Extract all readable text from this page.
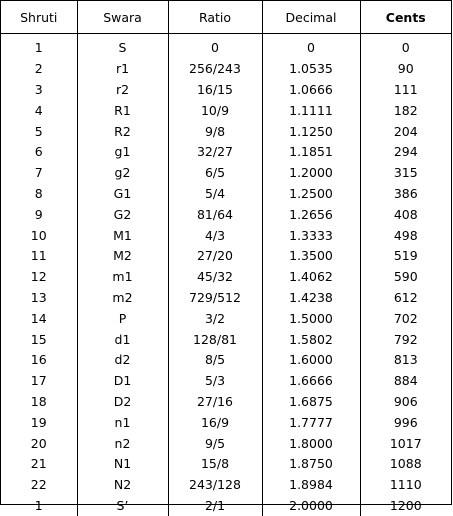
Shruti	Swara	Ratio	Decimal	Cents
1	S	0	0	0
2	r1	256/243	1.0535	90
3	r2	16/15	1.0666	111
4	R1	10/9	1.1111	182
5	R2	9/8	1.1250	204
6	g1	32/27	1.1851	294
7	g2	6/5	1.2000	315
8	G1	5/4	1.2500	386
9	G2	81/64	1.2656	408
10	M1	4/3	1.3333	498
11	M2	27/20	1.3500	519
12	m1	45/32	1.4062	590
13	m2	729/512	1.4238	612
14	P	3/2	1.5000	702
15	d1	128/81	1.5802	792
16	d2	8/5	1.6000	813
17	D1	5/3	1.6666	884
18	D2	27/16	1.6875	906
19	n1	16/9	1.7777	996
20	n2	9/5	1.8000	1017
21	N1	15/8	1.8750	1088
22	N2	243/128	1.8984	1110
1	S’	2/1	2.0000	1200
